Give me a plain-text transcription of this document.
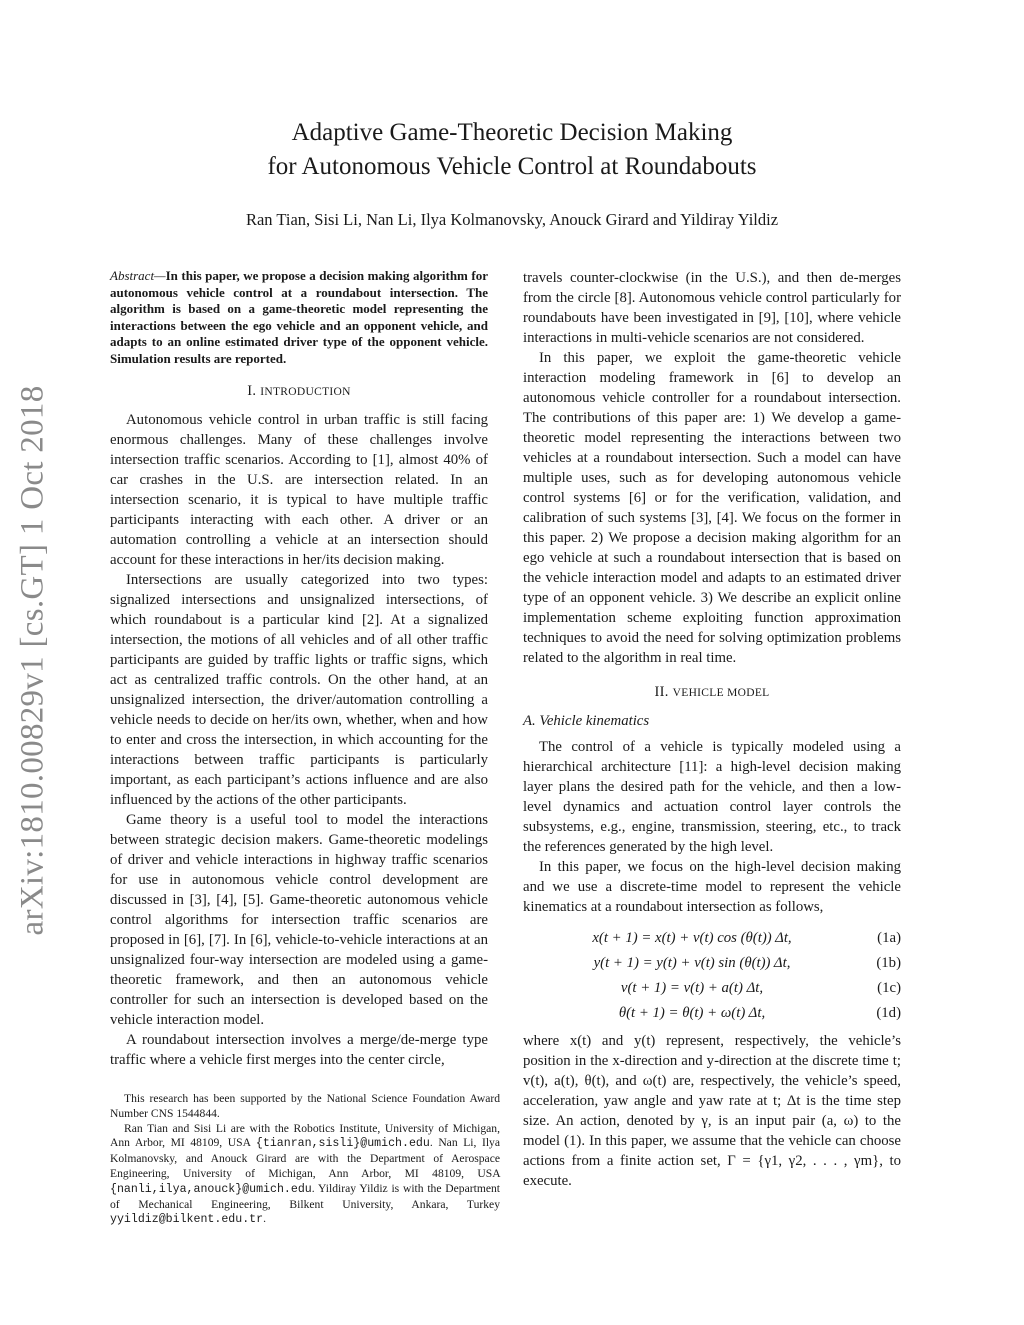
arXiv:1810.00829v1 [cs.GT] 1 Oct 2018
Adaptive Game-Theoretic Decision Making
for Autonomous Vehicle Control at Roundabouts
Ran Tian, Sisi Li, Nan Li, Ilya Kolmanovsky, Anouck Girard and Yildiray Yildiz

Abstract—In this paper, we propose a decision making algorithm for autonomous vehicle control at a roundabout intersection. The algorithm is based on a game-theoretic model representing the interactions between the ego vehicle and an opponent vehicle, and adapts to an online estimated driver type of the opponent vehicle. Simulation results are reported.

I. INTRODUCTION

Autonomous vehicle control in urban traffic is still facing enormous challenges. Many of these challenges involve intersection traffic scenarios. According to [1], almost 40% of car crashes in the U.S. are intersection related. In an intersection scenario, it is typical to have multiple traffic participants interacting with each other. A driver or an automation controlling a vehicle at an intersection should account for these interactions in her/its decision making.

Intersections are usually categorized into two types: signalized intersections and unsignalized intersections, of which roundabout is a particular kind [2]. At a signalized intersection, the motions of all vehicles and of all other traffic participants are guided by traffic lights or traffic signs, which act as centralized traffic controls. On the other hand, at an unsignalized intersection, the driver/automation controlling a vehicle needs to decide on her/its own, whether, when and how to enter and cross the intersection, in which accounting for the interactions between traffic participants is particularly important, as each participant’s actions influence and are also influenced by the actions of the other participants.

Game theory is a useful tool to model the interactions between strategic decision makers. Game-theoretic modelings of driver and vehicle interactions in highway traffic scenarios for use in autonomous vehicle control development are discussed in [3], [4], [5]. Game-theoretic autonomous vehicle control algorithms for intersection traffic scenarios are proposed in [6], [7]. In [6], vehicle-to-vehicle interactions at an unsignalized four-way intersection are modeled using a game-theoretic framework, and then an autonomous vehicle controller for such an intersection is developed based on the vehicle interaction model.

A roundabout intersection involves a merge/de-merge type traffic where a vehicle first merges into the center circle,

This research has been supported by the National Science Foundation Award Number CNS 1544844.

Ran Tian and Sisi Li are with the Robotics Institute, University of Michigan, Ann Arbor, MI 48109, USA {tianran,sisli}@umich.edu. Nan Li, Ilya Kolmanovsky, and Anouck Girard are with the Department of Aerospace Engineering, University of Michigan, Ann Arbor, MI 48109, USA {nanli,ilya,anouck}@umich.edu. Yildiray Yildiz is with the Department of Mechanical Engineering, Bilkent University, Ankara, Turkey yyildiz@bilkent.edu.tr.

travels counter-clockwise (in the U.S.), and then de-merges from the circle [8]. Autonomous vehicle control particularly for roundabouts have been investigated in [9], [10], where vehicle interactions in multi-vehicle scenarios are not considered.

In this paper, we exploit the game-theoretic vehicle interaction modeling framework in [6] to develop an autonomous vehicle controller for a roundabout intersection. The contributions of this paper are: 1) We develop a game-theoretic model representing the interactions between two vehicles at a roundabout intersection. Such a model can have multiple uses, such as for developing autonomous vehicle control systems [6] or for the verification, validation, and calibration of such systems [3], [4]. We focus on the former in this paper. 2) We propose a decision making algorithm for an ego vehicle at such a roundabout intersection that is based on the vehicle interaction model and adapts to an estimated driver type of an opponent vehicle. 3) We describe an explicit online implementation scheme exploiting function approximation techniques to avoid the need for solving optimization problems related to the algorithm in real time.

II. VEHICLE MODEL
A. Vehicle kinematics

The control of a vehicle is typically modeled using a hierarchical architecture [11]: a high-level decision making layer plans the desired path for the vehicle, and then a low-level dynamics and actuation control layer controls the subsystems, e.g., engine, transmission, steering, etc., to track the references generated by the high level.

In this paper, we focus on the high-level decision making and we use a discrete-time model to represent the vehicle kinematics at a roundabout intersection as follows,

x(t + 1) = x(t) + v(t) cos (θ(t)) Δt,	(1a)
y(t + 1) = y(t) + v(t) sin (θ(t)) Δt,	(1b)
v(t + 1) = v(t) + a(t) Δt,	(1c)
θ(t + 1) = θ(t) + ω(t) Δt,	(1d)

where x(t) and y(t) represent, respectively, the vehicle’s position in the x-direction and y-direction at the discrete time t; v(t), a(t), θ(t), and ω(t) are, respectively, the vehicle’s speed, acceleration, yaw angle and yaw rate at t; Δt is the time step size. An action, denoted by γ, is an input pair (a, ω) to the model (1). In this paper, we assume that the vehicle can choose actions from a finite action set, Γ = {γ1, γ2, . . . , γm}, to execute.
